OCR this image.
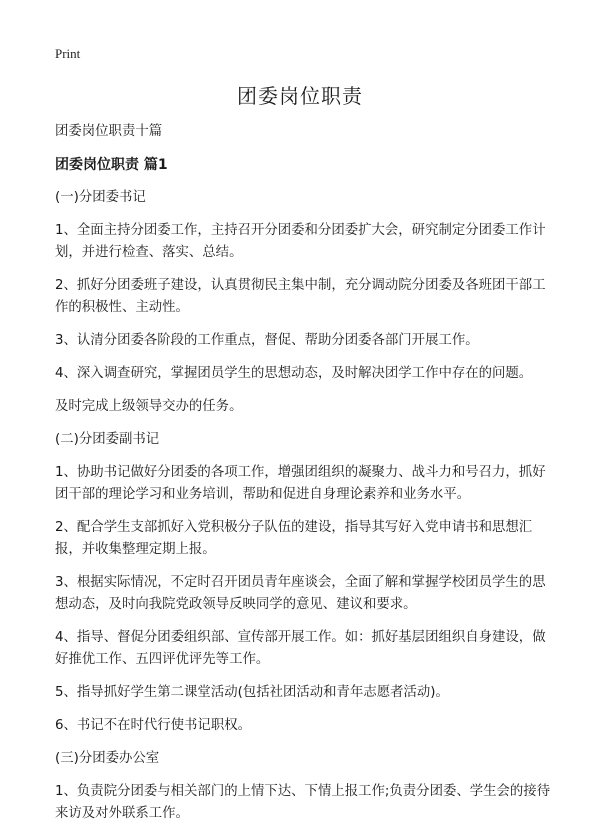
Print
团委岗位职责

团委岗位职责十篇

团委岗位职责 篇1

(一)分团委书记

1、全面主持分团委工作，主持召开分团委和分团委扩大会，研究制定分团委工作计划，并进行检查、落实、总结。

2、抓好分团委班子建设，认真贯彻民主集中制，充分调动院分团委及各班团干部工作的积极性、主动性。

3、认清分团委各阶段的工作重点，督促、帮助分团委各部门开展工作。

4、深入调查研究，掌握团员学生的思想动态，及时解决团学工作中存在的问题。

及时完成上级领导交办的任务。

(二)分团委副书记

1、协助书记做好分团委的各项工作，增强团组织的凝聚力、战斗力和号召力，抓好团干部的理论学习和业务培训，帮助和促进自身理论素养和业务水平。

2、配合学生支部抓好入党积极分子队伍的建设，指导其写好入党申请书和思想汇报，并收集整理定期上报。

3、根据实际情况，不定时召开团员青年座谈会，全面了解和掌握学校团员学生的思想动态，及时向我院党政领导反映同学的意见、建议和要求。

4、指导、督促分团委组织部、宣传部开展工作。如：抓好基层团组织自身建设，做好推优工作、五四评优评先等工作。

5、指导抓好学生第二课堂活动(包括社团活动和青年志愿者活动)。

6、书记不在时代行使书记职权。

(三)分团委办公室

1、负责院分团委与相关部门的上情下达、下情上报工作;负责分团委、学生会的接待来访及对外联系工作。
